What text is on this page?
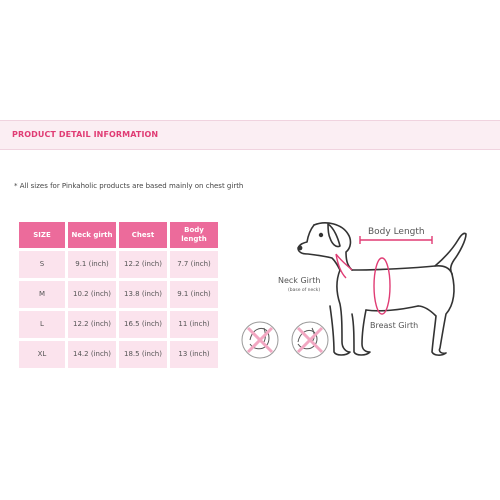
PRODUCT DETAIL INFORMATION
* All sizes for Pinkaholic products are based mainly on chest girth
SIZE	Neck girth	Chest	Body length
S	9.1 (inch)	12.2 (inch)	7.7 (inch)
M	10.2 (inch)	13.8 (inch)	9.1 (inch)
L	12.2 (inch)	16.5 (inch)	11 (inch)
XL	14.2 (inch)	18.5 (inch)	13 (inch)
Body Length
Neck Girth
(base of neck)
Breast Girth
